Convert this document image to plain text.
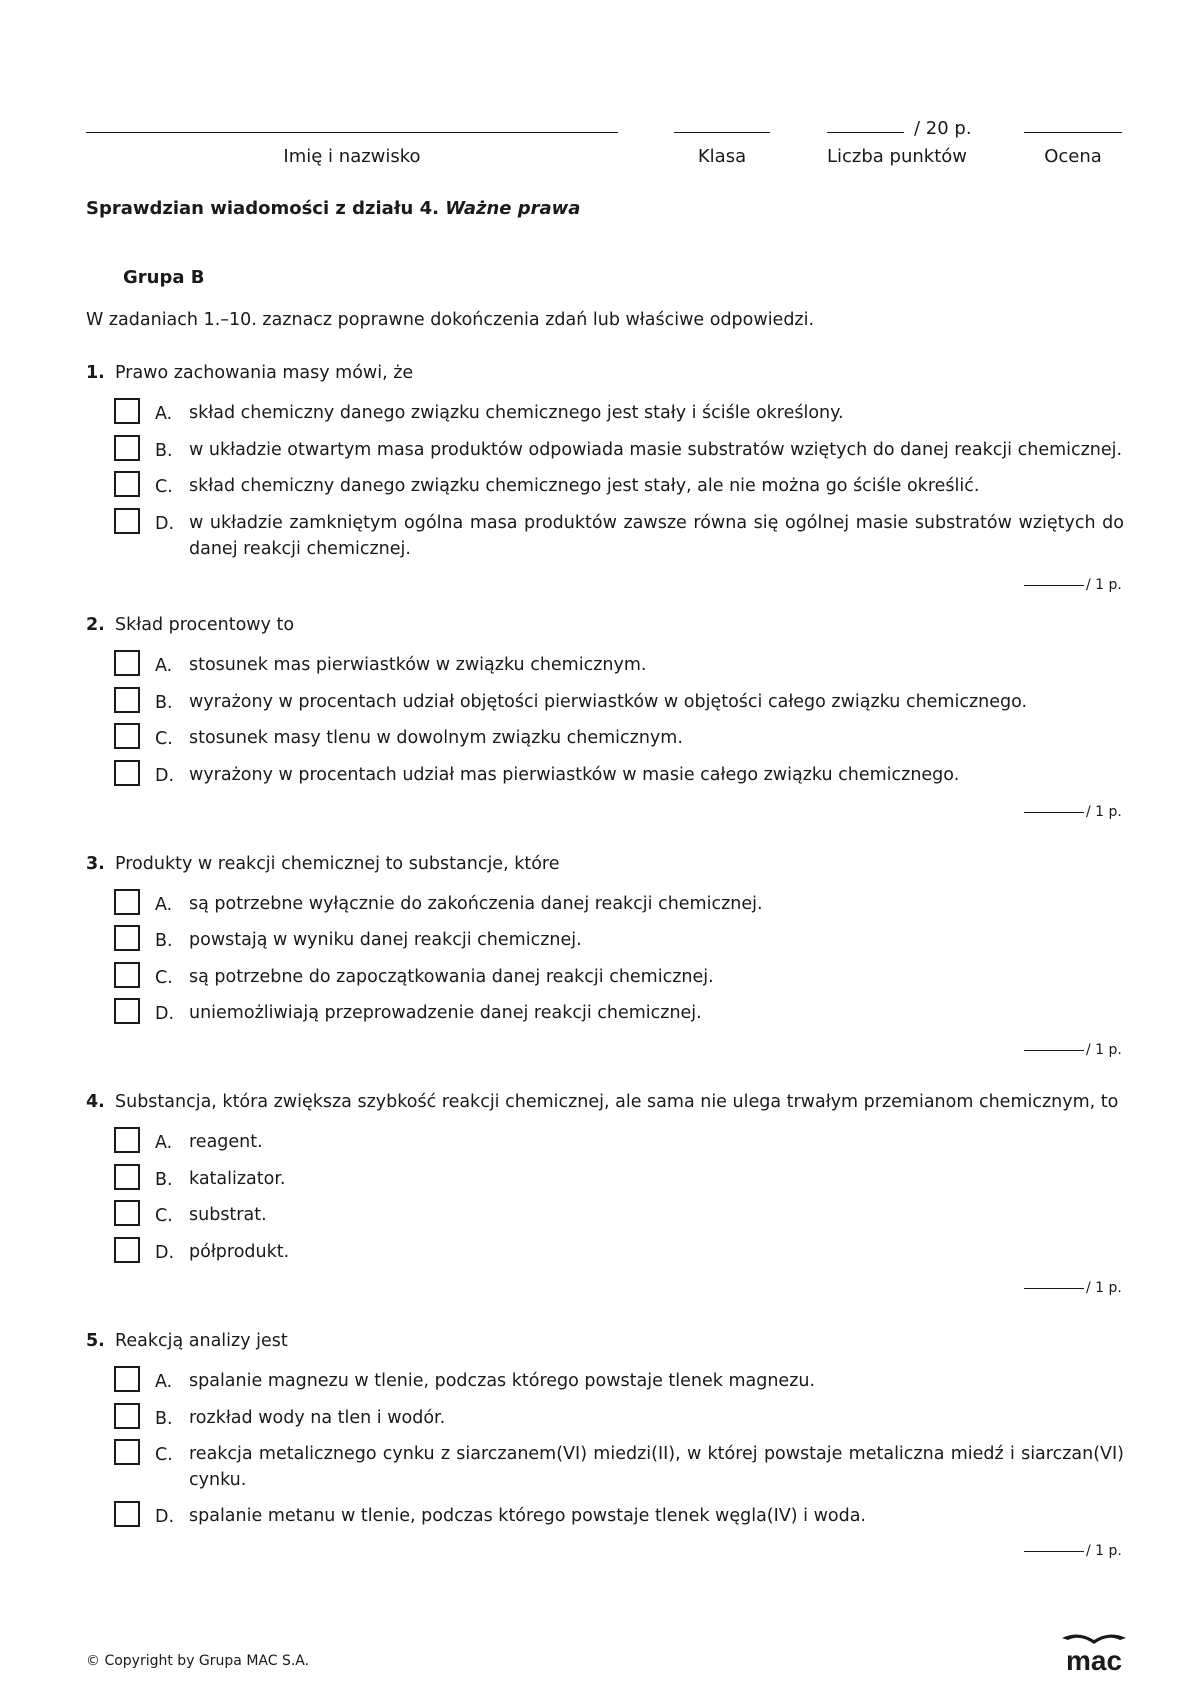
Imię i nazwisko	Klasa
/ 20 p.
Liczba punktów	Ocena
Sprawdzian wiadomości z działu 4. Ważne prawa
Grupa B
W zadaniach 1.–10. zaznacz poprawne dokończenia zdań lub właściwe odpowiedzi.
1. Prawo zachowania masy mówi, że
A. skład chemiczny danego związku chemicznego jest stały i ściśle określony.
B. w układzie otwartym masa produktów odpowiada masie substratów wziętych do danej reakcji chemicznej.
C. skład chemiczny danego związku chemicznego jest stały, ale nie można go ściśle określić.
D. w układzie zamkniętym ogólna masa produktów zawsze równa się ogólnej masie substratów wziętych do danej reakcji chemicznej.
/ 1 p.
2. Skład procentowy to
A. stosunek mas pierwiastków w związku chemicznym.
B. wyrażony w procentach udział objętości pierwiastków w objętości całego związku chemicznego.
C. stosunek masy tlenu w dowolnym związku chemicznym.
D. wyrażony w procentach udział mas pierwiastków w masie całego związku chemicznego.
/ 1 p.
3. Produkty w reakcji chemicznej to substancje, które
A. są potrzebne wyłącznie do zakończenia danej reakcji chemicznej.
B. powstają w wyniku danej reakcji chemicznej.
C. są potrzebne do zapoczątkowania danej reakcji chemicznej.
D. uniemożliwiają przeprowadzenie danej reakcji chemicznej.
/ 1 p.
4. Substancja, która zwiększa szybkość reakcji chemicznej, ale sama nie ulega trwałym przemianom chemicznym, to
A. reagent.
B. katalizator.
C. substrat.
D. półprodukt.
/ 1 p.
5. Reakcją analizy jest
A. spalanie magnezu w tlenie, podczas którego powstaje tlenek magnezu.
B. rozkład wody na tlen i wodór.
C. reakcja metalicznego cynku z siarczanem(VI) miedzi(II), w której powstaje metaliczna miedź i siarczan(VI) cynku.
D. spalanie metanu w tlenie, podczas którego powstaje tlenek węgla(IV) i woda.
/ 1 p.
© Copyright by Grupa MAC S.A.	mac
